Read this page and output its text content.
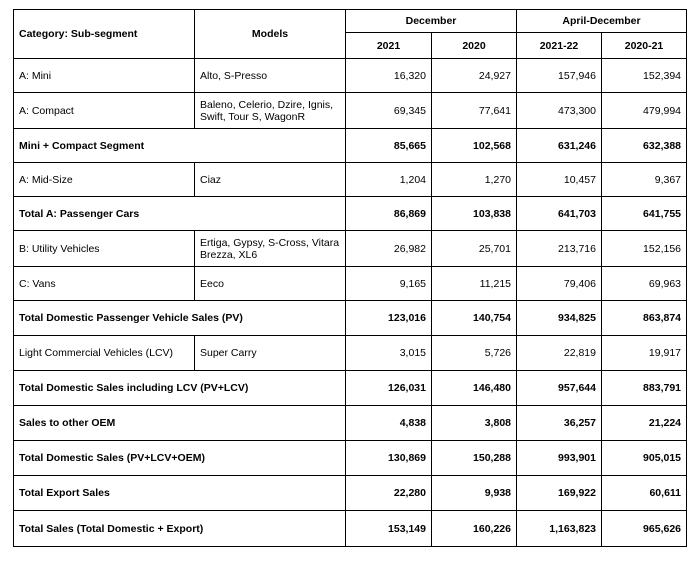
Category: Sub-segment	Models	December		April-December	
		2021	2020	2021-22	2020-21
A: Mini	Alto, S-Presso	16,320	24,927	157,946	152,394
A: Compact	Baleno, Celerio, Dzire, Ignis, Swift, Tour S, WagonR	69,345	77,641	473,300	479,994
Mini + Compact Segment		85,665	102,568	631,246	632,388
A: Mid-Size	Ciaz	1,204	1,270	10,457	9,367
Total A: Passenger Cars		86,869	103,838	641,703	641,755
B: Utility Vehicles	Ertiga, Gypsy, S-Cross, Vitara Brezza, XL6	26,982	25,701	213,716	152,156
C: Vans	Eeco	9,165	11,215	79,406	69,963
Total Domestic Passenger Vehicle Sales (PV)		123,016	140,754	934,825	863,874
Light Commercial Vehicles (LCV)	Super Carry	3,015	5,726	22,819	19,917
Total Domestic Sales including LCV (PV+LCV)		126,031	146,480	957,644	883,791
Sales to other OEM		4,838	3,808	36,257	21,224
Total Domestic Sales (PV+LCV+OEM)		130,869	150,288	993,901	905,015
Total Export Sales		22,280	9,938	169,922	60,611
Total Sales (Total Domestic + Export)		153,149	160,226	1,163,823	965,626
